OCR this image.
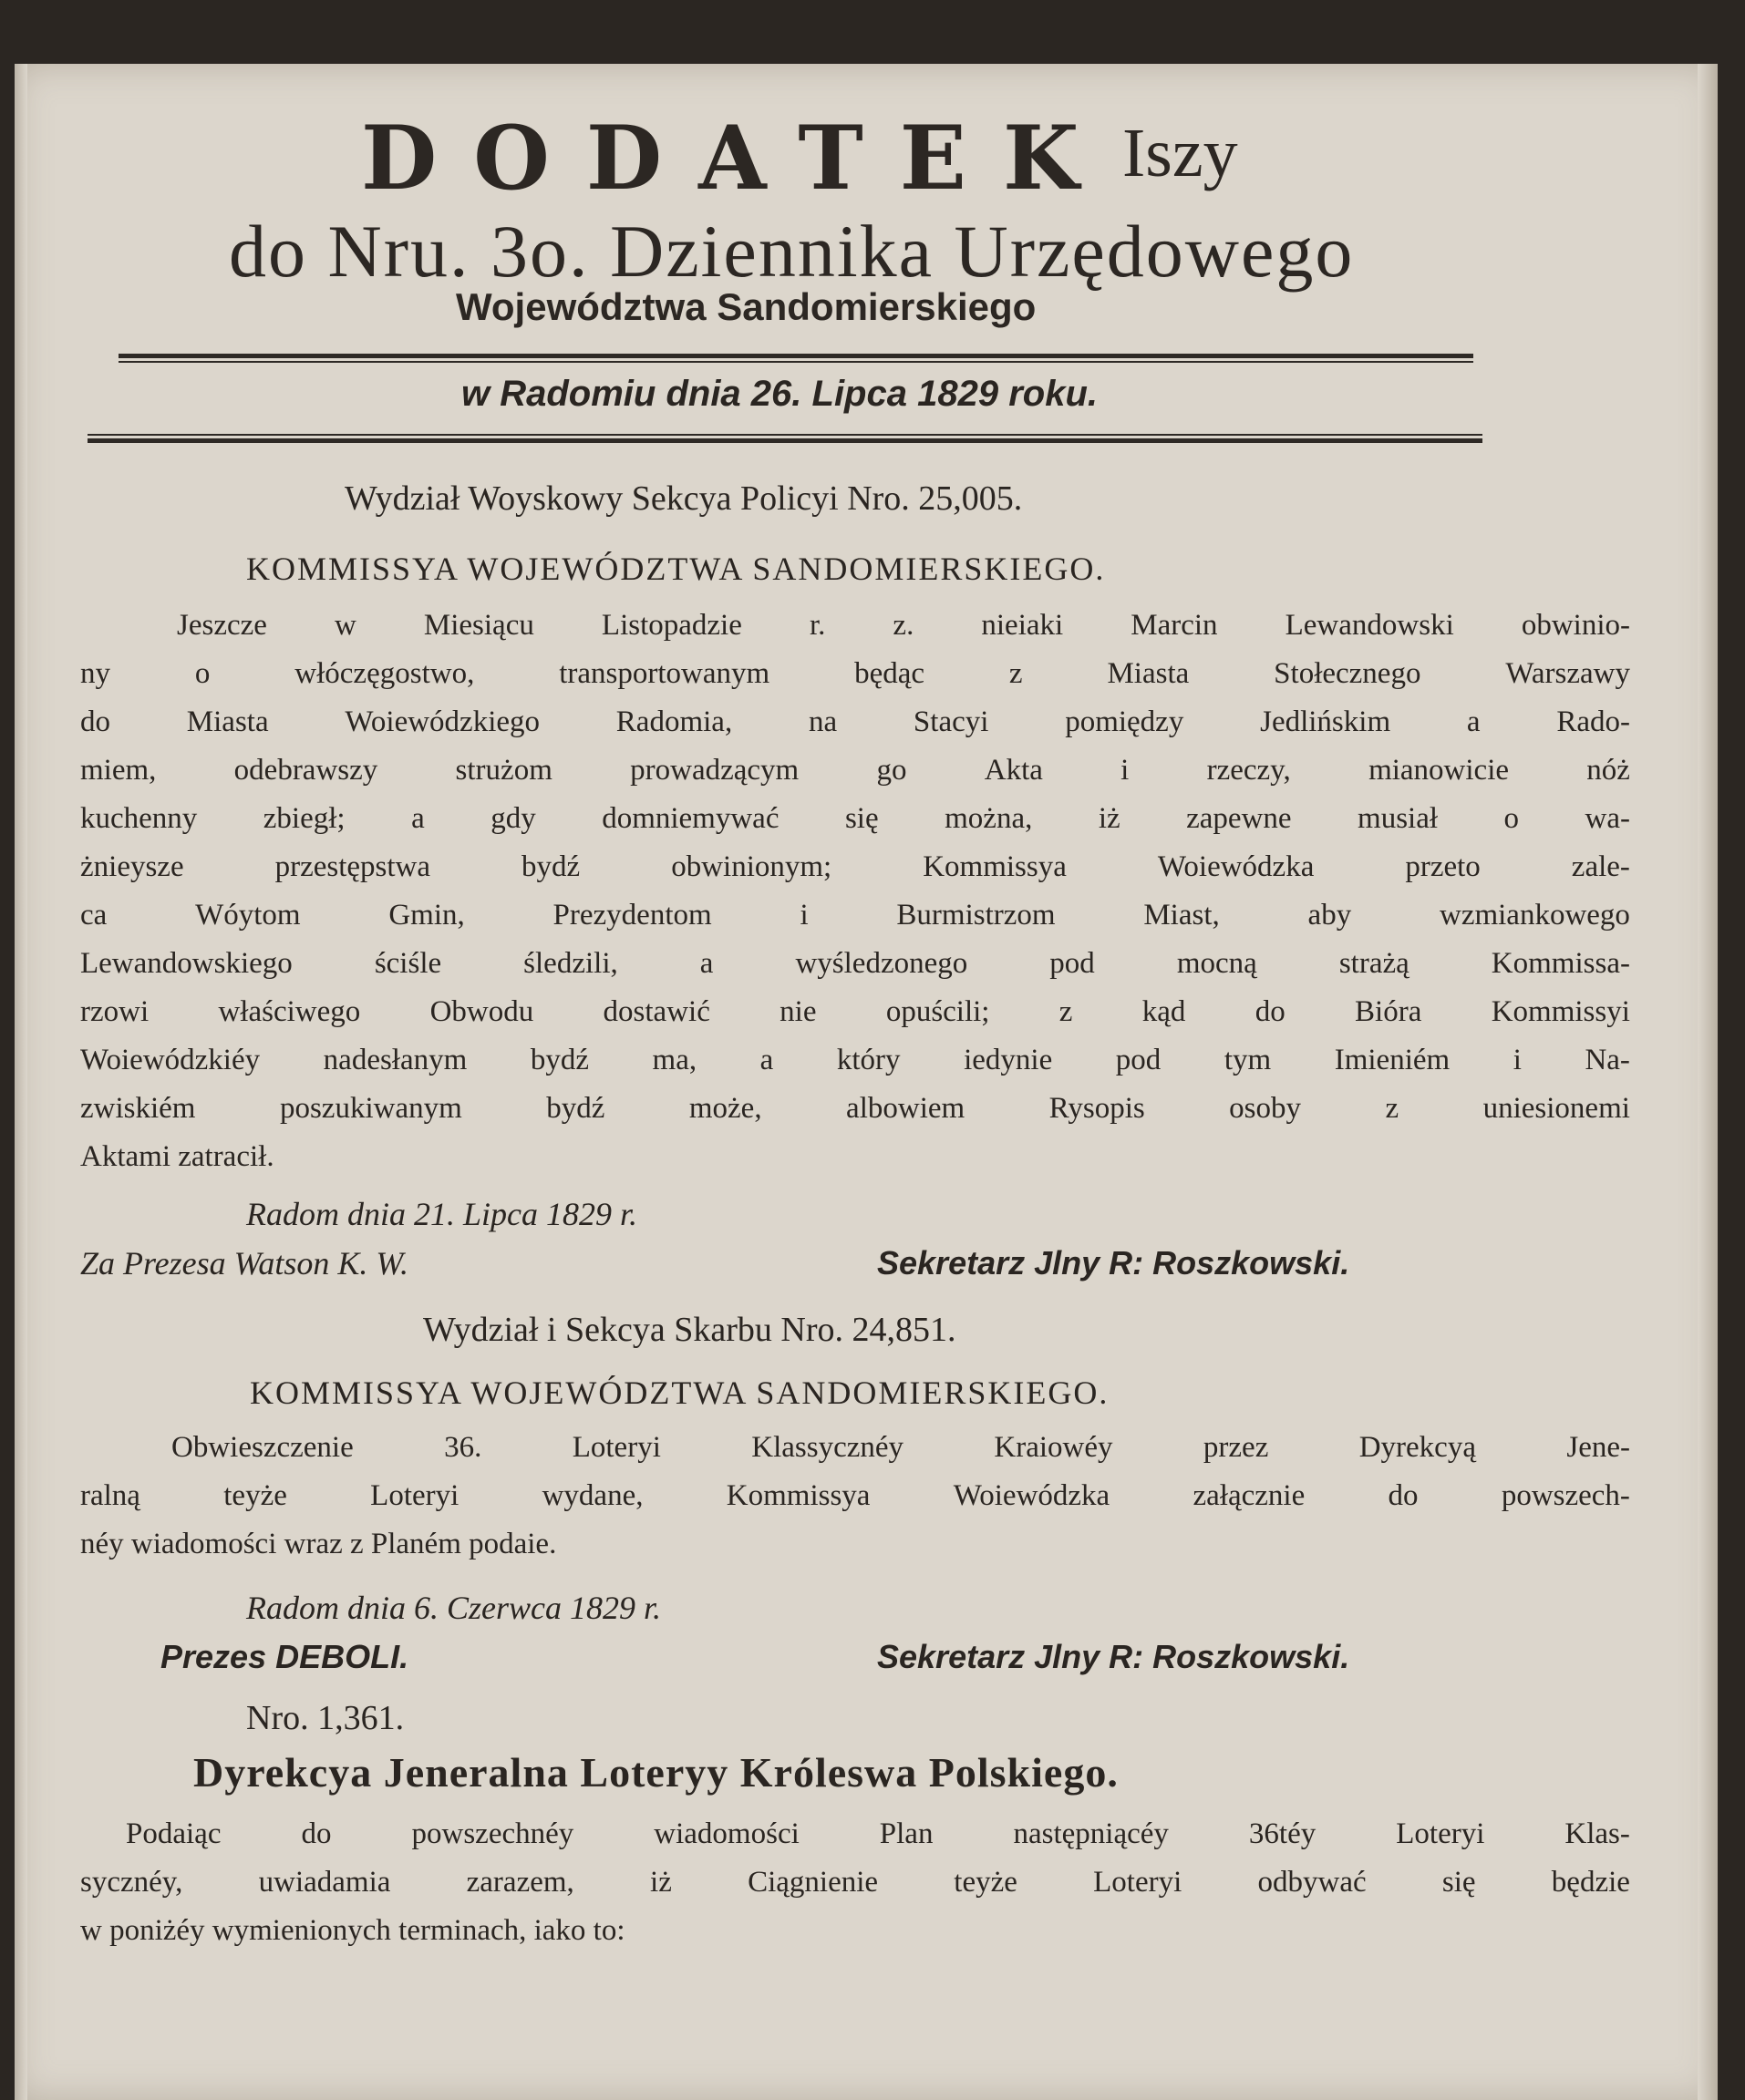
DODATEK Iszy
do Nru. 3o. Dziennika Urzędowego
Województwa Sandomierskiego
w Radomiu dnia 26. Lipca 1829 roku.
Wydział Woyskowy Sekcya Policyi Nro. 25,005.
KOMMISSYA WOJEWÓDZTWA SANDOMIERSKIEGO.
Jeszcze w Miesiącu Listopadzie r. z. nieiaki Marcin Lewandowski obwinio-
ny	o	włóczęgostwo,	transportowanym	będąc	z	Miasta	Stołecznego	Warszawy
do	Miasta	Woiewódzkiego	Radomia,	na	Stacyi	pomiędzy	Jedlińskim	a	Rado-
miem,	odebrawszy	strużom	prowadzącym	go	Akta	i	rzeczy,	mianowicie	nóż
kuchenny zbiegł; a gdy domniemywać się można, iż zapewne musiał o wa-
żnieysze	przestępstwa	bydź	obwinionym;	Kommissya	Woiewódzka	przeto	zale-
ca	Wóytom	Gmin,	Prezydentom	i	Burmistrzom	Miast,	aby	wzmiankowego
Lewandowskiego	ściśle	śledzili,	a	wyśledzonego	pod	mocną	strażą	Kommissa-
rzowi właściwego Obwodu dostawić nie opuścili; z kąd do Bióra Kommissyi
Woiewódzkiéy nadesłanym bydź ma, a który iedynie pod tym Imieniém i Na-
zwiskiém	poszukiwanym	bydź	może,	albowiem	Rysopis	osoby	z	uniesionemi
Aktami zatracił.
Radom dnia 21. Lipca 1829 r.
Za Prezesa Watson K. W.	Sekretarz Jlny R: Roszkowski.
Wydział i Sekcya Skarbu Nro. 24,851.
KOMMISSYA WOJEWÓDZTWA SANDOMIERSKIEGO.
Obwieszczenie	36.	Loteryi	Klassycznéy	Kraiowéy	przez	Dyrekcyą	Jene-
ralną	teyże	Loteryi	wydane,	Kommissya	Woiewódzka	załącznie	do	powszech-
néy wiadomości wraz z Planém podaie.
Radom dnia 6. Czerwca 1829 r.
Prezes DEBOLI.	Sekretarz Jlny R: Roszkowski.
Nro. 1,361.
Dyrekcya Jeneralna Loteryy Króleswa Polskiego.
Podaiąc	do	powszechnéy	wiadomości	Plan	następniącéy	36téy	Loteryi	Klas-
sycznéy,	uwiadamia	zarazem,	iż	Ciągnienie	teyże	Loteryi	odbywać	się	będzie
w poniżéy wymienionych terminach, iako to:
